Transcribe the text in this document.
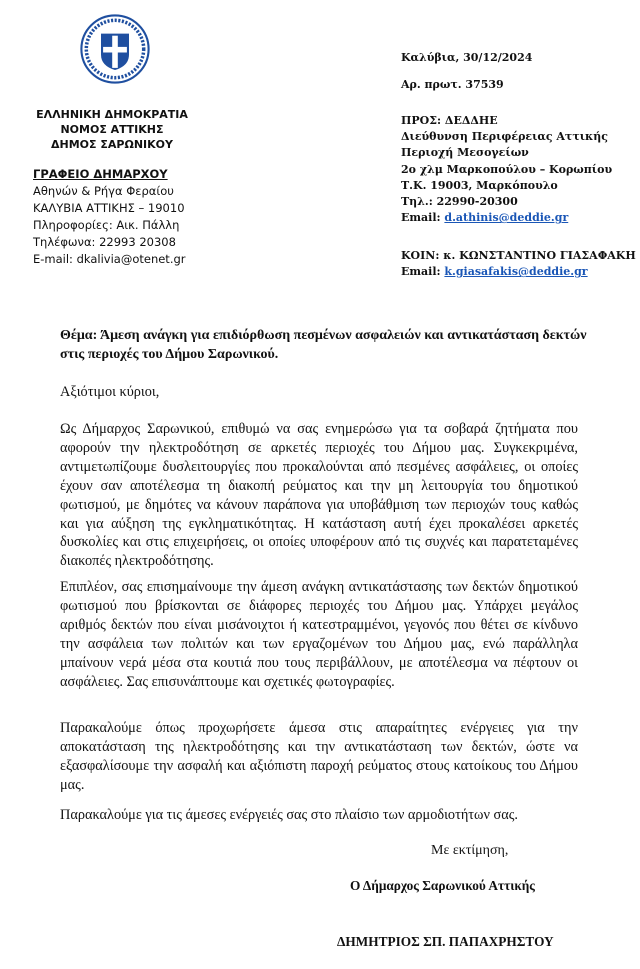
ΕΛΛΗΝΙΚΗ ΔΗΜΟΚΡΑΤΙΑ
ΝΟΜΟΣ ΑΤΤΙΚΗΣ
ΔΗΜΟΣ ΣΑΡΩΝΙΚΟΥ
ΓΡΑΦΕΙΟ ΔΗΜΑΡΧΟΥ
Αθηνών & Ρήγα Φεραίου
ΚΑΛΥΒΙΑ ΑΤΤΙΚΗΣ – 19010
Πληροφορίες: Αικ. Πάλλη
Τηλέφωνα: 22993 20308
E-mail: dkalivia@otenet.gr
Καλύβια, 30/12/2024
Αρ. πρωτ. 37539
ΠΡΟΣ: ΔΕΔΔΗΕ
Διεύθυνση Περιφέρειας Αττικής
Περιοχή Μεσογείων
2ο χλμ Μαρκοπούλου – Κορωπίου
Τ.Κ. 19003, Μαρκόπουλο
Τηλ.: 22990-20300
Email: d.athinis@deddie.gr
ΚΟΙΝ: κ. ΚΩΝΣΤΑΝΤΙΝΟ ΓΙΑΣΑΦΑΚΗ
Email: k.giasafakis@deddie.gr
Θέμα: Άμεση ανάγκη για επιδιόρθωση πεσμένων ασφαλειών και αντικατάσταση δεκτών στις περιοχές του Δήμου Σαρωνικού.
Αξιότιμοι κύριοι,
Ως Δήμαρχος Σαρωνικού, επιθυμώ να σας ενημερώσω για τα σοβαρά ζητήματα που αφορούν την ηλεκτροδότηση σε αρκετές περιοχές του Δήμου μας. Συγκεκριμένα, αντιμετωπίζουμε δυσλειτουργίες που προκαλούνται από πεσμένες ασφάλειες, οι οποίες έχουν σαν αποτέλεσμα τη διακοπή ρεύματος και την μη λειτουργία του δημοτικού φωτισμού, με δημότες να κάνουν παράπονα για υποβάθμιση των περιοχών τους καθώς και για αύξηση της εγκληματικότητας. Η κατάσταση αυτή έχει προκαλέσει αρκετές δυσκολίες και στις επιχειρήσεις, οι οποίες υποφέρουν από τις συχνές και παρατεταμένες διακοπές ηλεκτροδότησης.
Επιπλέον, σας επισημαίνουμε την άμεση ανάγκη αντικατάστασης των δεκτών δημοτικού φωτισμού που βρίσκονται σε διάφορες περιοχές του Δήμου μας. Υπάρχει μεγάλος αριθμός δεκτών που είναι μισάνοιχτοι ή κατεστραμμένοι, γεγονός που θέτει σε κίνδυνο την ασφάλεια των πολιτών και των εργαζομένων του Δήμου μας, ενώ παράλληλα μπαίνουν νερά μέσα στα κουτιά που τους περιβάλλουν, με αποτέλεσμα να πέφτουν οι ασφάλειες. Σας επισυνάπτουμε και σχετικές φωτογραφίες.
Παρακαλούμε όπως προχωρήσετε άμεσα στις απαραίτητες ενέργειες για την αποκατάσταση της ηλεκτροδότησης και την αντικατάσταση των δεκτών, ώστε να εξασφαλίσουμε την ασφαλή και αξιόπιστη παροχή ρεύματος στους κατοίκους του Δήμου μας.
Παρακαλούμε για τις άμεσες ενέργειές σας στο πλαίσιο των αρμοδιοτήτων σας.
Με εκτίμηση,
Ο Δήμαρχος Σαρωνικού Αττικής
ΔΗΜΗΤΡΙΟΣ ΣΠ. ΠΑΠΑΧΡΗΣΤΟΥ
